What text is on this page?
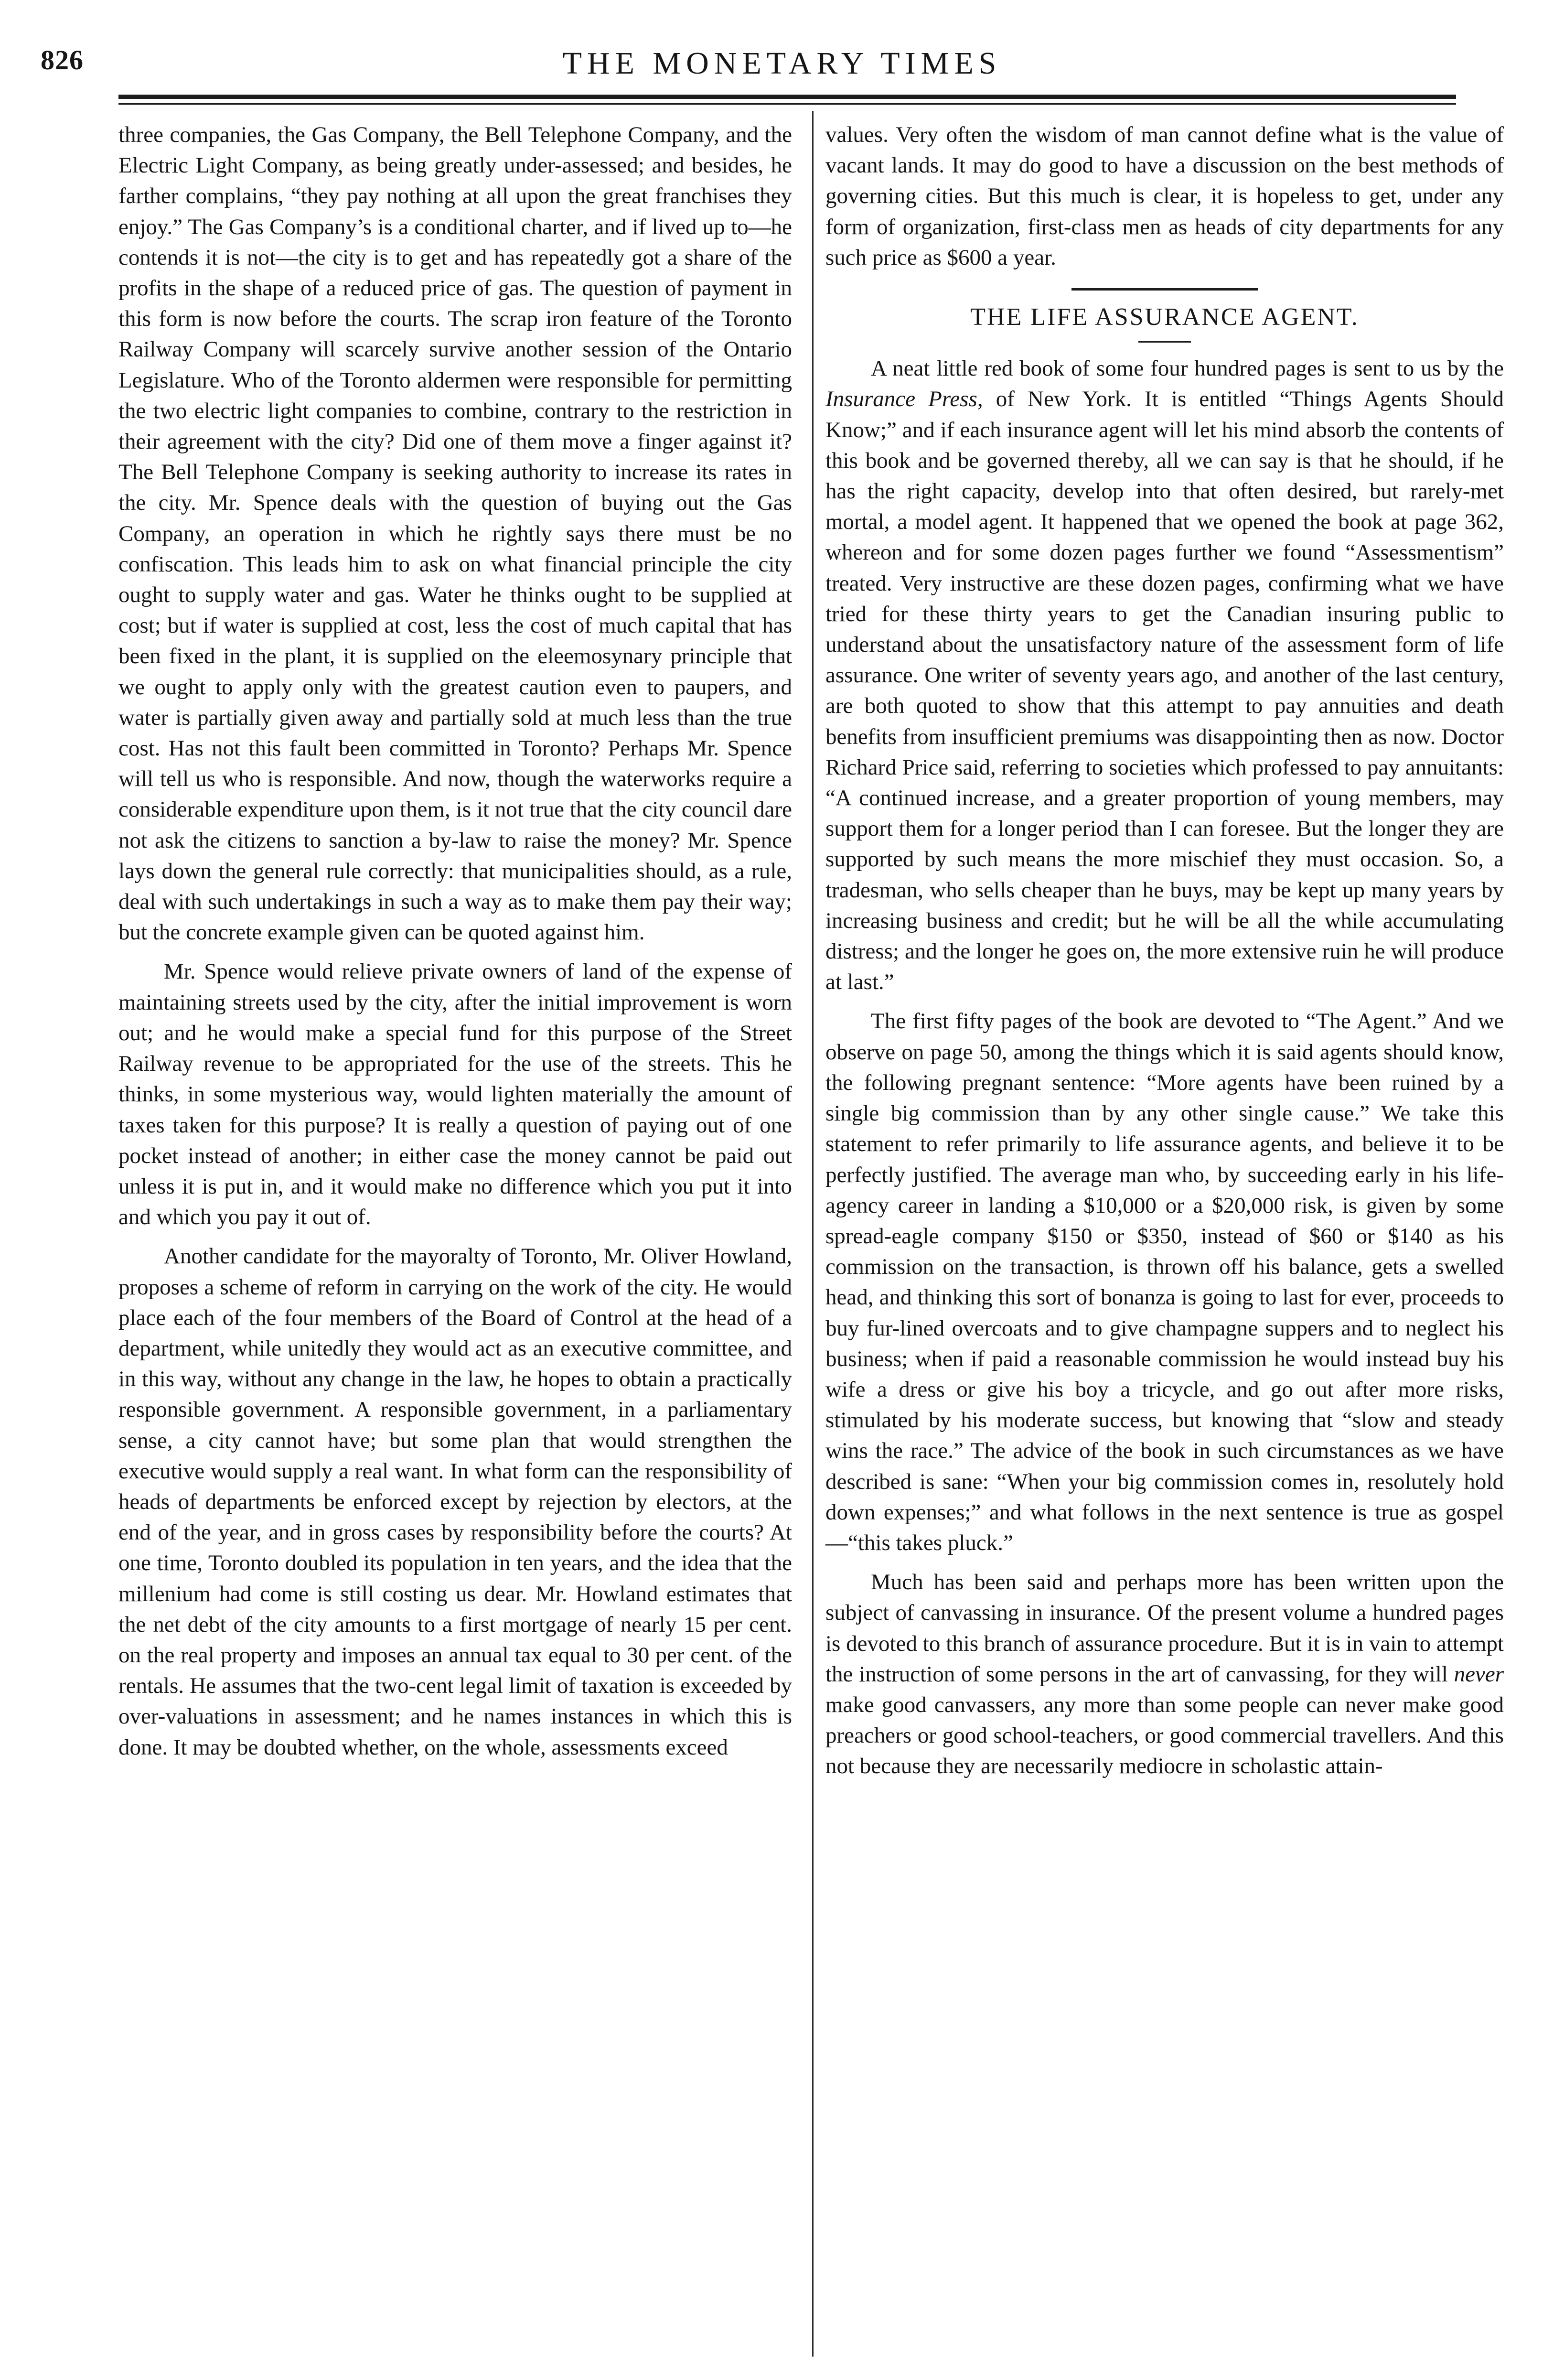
826	THE MONETARY TIMES

three companies, the Gas Company, the Bell Telephone Company, and the Electric Light Company, as being greatly under-assessed; and besides, he farther complains, “they pay nothing at all upon the great franchises they enjoy.” The Gas Company’s is a conditional charter, and if lived up to—he contends it is not—the city is to get and has repeatedly got a share of the profits in the shape of a reduced price of gas. The question of payment in this form is now before the courts. The scrap iron feature of the Toronto Railway Company will scarcely survive another session of the Ontario Legislature. Who of the Toronto aldermen were responsible for permitting the two electric light companies to combine, contrary to the restriction in their agreement with the city? Did one of them move a finger against it? The Bell Telephone Company is seeking authority to increase its rates in the city. Mr. Spence deals with the question of buying out the Gas Company, an operation in which he rightly says there must be no confiscation. This leads him to ask on what financial principle the city ought to supply water and gas. Water he thinks ought to be supplied at cost; but if water is supplied at cost, less the cost of much capital that has been fixed in the plant, it is supplied on the eleemosynary principle that we ought to apply only with the greatest caution even to paupers, and water is partially given away and partially sold at much less than the true cost. Has not this fault been committed in Toronto? Perhaps Mr. Spence will tell us who is responsible. And now, though the waterworks require a considerable expenditure upon them, is it not true that the city council dare not ask the citizens to sanction a by-law to raise the money? Mr. Spence lays down the general rule correctly: that municipalities should, as a rule, deal with such undertakings in such a way as to make them pay their way; but the concrete example given can be quoted against him.

Mr. Spence would relieve private owners of land of the expense of maintaining streets used by the city, after the initial improvement is worn out; and he would make a special fund for this purpose of the Street Railway revenue to be appropriated for the use of the streets. This he thinks, in some mysterious way, would lighten materially the amount of taxes taken for this purpose? It is really a question of paying out of one pocket instead of another; in either case the money cannot be paid out unless it is put in, and it would make no difference which you put it into and which you pay it out of.

Another candidate for the mayoralty of Toronto, Mr. Oliver Howland, proposes a scheme of reform in carrying on the work of the city. He would place each of the four members of the Board of Control at the head of a department, while unitedly they would act as an executive committee, and in this way, without any change in the law, he hopes to obtain a practically responsible government. A responsible government, in a parliamentary sense, a city cannot have; but some plan that would strengthen the executive would supply a real want. In what form can the responsibility of heads of departments be enforced except by rejection by electors, at the end of the year, and in gross cases by responsibility before the courts? At one time, Toronto doubled its population in ten years, and the idea that the millenium had come is still costing us dear. Mr. Howland estimates that the net debt of the city amounts to a first mortgage of nearly 15 per cent. on the real property and imposes an annual tax equal to 30 per cent. of the rentals. He assumes that the two-cent legal limit of taxation is exceeded by over-valuations in assessment; and he names instances in which this is done. It may be doubted whether, on the whole, assessments exceed

values. Very often the wisdom of man cannot define what is the value of vacant lands. It may do good to have a discussion on the best methods of governing cities. But this much is clear, it is hopeless to get, under any form of organization, first-class men as heads of city departments for any such price as $600 a year.

THE LIFE ASSURANCE AGENT.

A neat little red book of some four hundred pages is sent to us by the Insurance Press, of New York. It is entitled “Things Agents Should Know;” and if each insurance agent will let his mind absorb the contents of this book and be governed thereby, all we can say is that he should, if he has the right capacity, develop into that often desired, but rarely-met mortal, a model agent. It happened that we opened the book at page 362, whereon and for some dozen pages further we found “Assessmentism” treated. Very instructive are these dozen pages, confirming what we have tried for these thirty years to get the Canadian insuring public to understand about the unsatisfactory nature of the assessment form of life assurance. One writer of seventy years ago, and another of the last century, are both quoted to show that this attempt to pay annuities and death benefits from insufficient premiums was disappointing then as now. Doctor Richard Price said, referring to societies which professed to pay annuitants: “A continued increase, and a greater proportion of young members, may support them for a longer period than I can foresee. But the longer they are supported by such means the more mischief they must occasion. So, a tradesman, who sells cheaper than he buys, may be kept up many years by increasing business and credit; but he will be all the while accumulating distress; and the longer he goes on, the more extensive ruin he will produce at last.”

The first fifty pages of the book are devoted to “The Agent.” And we observe on page 50, among the things which it is said agents should know, the following pregnant sentence: “More agents have been ruined by a single big commission than by any other single cause.” We take this statement to refer primarily to life assurance agents, and believe it to be perfectly justified. The average man who, by succeeding early in his life-agency career in landing a $10,000 or a $20,000 risk, is given by some spread-eagle company $150 or $350, instead of $60 or $140 as his commission on the transaction, is thrown off his balance, gets a swelled head, and thinking this sort of bonanza is going to last for ever, proceeds to buy fur-lined overcoats and to give champagne suppers and to neglect his business; when if paid a reasonable commission he would instead buy his wife a dress or give his boy a tricycle, and go out after more risks, stimulated by his moderate success, but knowing that “slow and steady wins the race.” The advice of the book in such circumstances as we have described is sane: “When your big commission comes in, resolutely hold down expenses;” and what follows in the next sentence is true as gospel—“this takes pluck.”

Much has been said and perhaps more has been written upon the subject of canvassing in insurance. Of the present volume a hundred pages is devoted to this branch of assurance procedure. But it is in vain to attempt the instruction of some persons in the art of canvassing, for they will never make good canvassers, any more than some people can never make good preachers or good school-teachers, or good commercial travellers. And this not because they are necessarily mediocre in scholastic attain-
